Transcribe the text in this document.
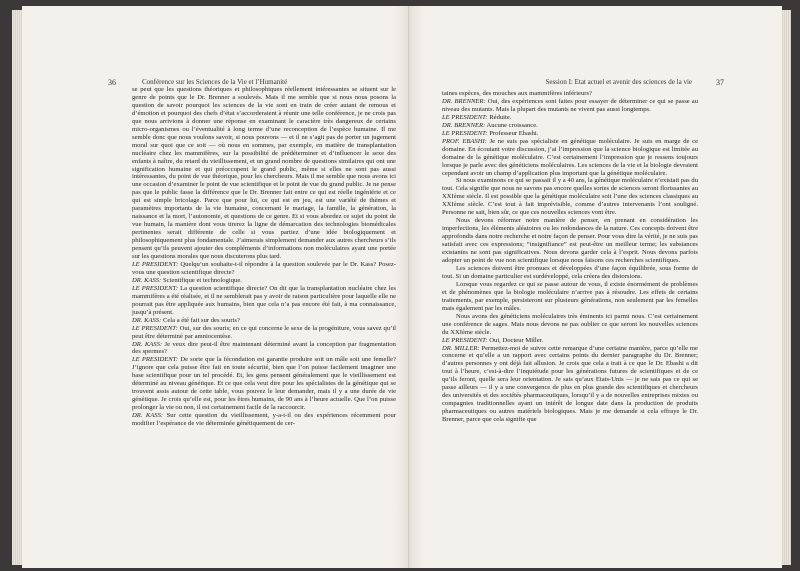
36	Conférence sur les Sciences de la Vie et l’Humanité

se peut que les questions théoriques et philosophiques réellement intéressantes se situent sur le genre de points que le Dr. Brenner a soulevés. Mais il me semble que si nous nous posons la question de savoir pourquoi les sciences de la vie sont en train de créer autant de remous et d’émotion et pourquoi des chefs d’état s’accorderaient à réunir une telle conférence, je ne crois pas que nous arrivions à donner une réponse en examinant le caractère très dangereux de certains micro-organismes ou l’éventualité à long terme d’une reconception de l’espèce humaine. Il me semble donc que nous voulons savoir, si nous pouvons — et il ne s’agit pas de porter un jugement moral sur quoi que ce soit — où nous en sommes, par exemple, en matière de transplantation nucléaire chez les mammifères, sur la possibilité de prédéterminer et d’influencer le sexe des enfants à naître, du retard du vieillissement, et un grand nombre de questions similaires qui ont une signification humaine et qui préoccupent le grand public, même si elles ne sont pas aussi intéressantes, du point de vue théorique, pour les chercheurs. Mais il me semble que nous avons ici une occasion d’examiner le point de vue scientifique et le point de vue du grand public. Je ne pense pas que le public fasse la différence que le Dr. Brenner fait entre ce qui est réelle ingéniérie et ce qui est simple bricolage. Parce que pour lui, ce qui est en jeu, est une variété de thèmes et paramètres importants de la vie humaine, concernant le mariage, la famille, la génération, la naissance et la mort, l’autonomie, et questions de ce genre. Et si vous abordez ce sujet du point de vue humain, la manière dont vous tirerez la ligne de démarcation des technologies biomédicales pertinentes serait différente de celle si vous partiez d’une idée biologiquement et philosophiquement plus fondamentale. J’aimerais simplement demander aux autres chercheurs s’ils pensent qu’ils peuvent ajouter des compléments d’informations non moléculaires ayant une portée sur les questions morales que nous discuterons plus tard.

LE PRESIDENT: Quelqu’un souhaite-t-il répondre à la question soulevée par le Dr. Kass? Posez-vous une question scientifique directe?

DR. KASS: Scientifique et technologique.

LE PRESIDENT: La question scientifique directe? On dit que la transplantation nucléaire chez les mammifères a été réalisée, et il ne semblerait pas y avoir de raison particulière pour laquelle elle ne pourrait pas être appliquée aux humains, bien que cela n’a pas encore été fait, à ma connaissance, jusqu’à présent.

DR. KASS: Cela a été fait sur des souris?

LE PRESIDENT: Oui, sur des souris; en ce qui concerne le sexe de la progéniture, vous savez qu’il peut être déterminé par amniocentèse.

DR. KASS: Je veux dire peut-il être maintenant déterminé avant la conception par fragmentation des spermes?

LE PRESIDENT: De sorte que la fécondation est garantie produire soit un mâle soit une femelle? J’ignore que cela puisse être fait en toute sécurité, bien que l’on puisse facilement imaginer une base scientifique pour un tel procédé. Et, les gens pensent généralement que le vieillissement est déterminé au niveau génétique. Et ce que cela veut dire pour les spécialistes de la génétique qui se trouvent assis autour de cette table, vous pouvez le leur demander, mais il y a une durée de vie génétique. Je crois qu’elle est, pour les êtres humains, de 90 ans à l’heure actuelle. Que l’on puisse prolonger la vie ou non, il est certainement facile de la raccourcir.

DR. KASS: Sur cette question du vieillissement, y-a-t-il ou des expériences récemment pour modifier l’espérance de vie déterminée génétiquement de cer-

Session I: Etat actuel et avenir des sciences de la vie	37

taines espèces, des mouches aux mammifères inférieurs?

DR. BRENNER: Oui, des expériences sont faites pour essayer de déterminer ce qui se passe au niveau des mutants. Mais la plupart des mutants ne vivent pas aussi longtemps.

LE PRESIDENT: Réduite.

DR. BRENNER: Aucune croissance.

LE PRESIDENT: Professeur Ebashi.

PROF. EBASHI: Je ne suis pas spécialiste en génétique moléculaire. Je suis en marge de ce domaine. En écoutant votre discussion, j’ai l’impression que la science biologique est limitée au domaine de la génétique moléculaire. C’est certainement l’impression que je ressens toujours lorsque je parle avec des généticiens moléculaires. Les sciences de la vie et la biologie devraient cependant avoir un champ d’application plus important que la génétique moléculaire.

Si nous examinons ce qui se passait il y a 40 ans, la génétique moléculaire n’existait pas du tout. Cela signifie que nous ne savons pas encore quelles sortes de sciences seront florissantes au XXIème siècle. Il est possible que la génétique moléculaire soit l’une des sciences classiques au XXIème siècle. C’est tout à fait imprévisible, comme d’autres intervenants l’ont souligné. Personne ne sait, bien sûr, ce que ces nouvelles sciences vont être.

Nous devons réformer notre manière de penser, en prenant en considération les imperfections, les éléments aléatoires ou les redondances de la nature. Ces concepts doivent être approfondis dans notre recherche et notre façon de penser. Pour vous dire la vérité, je ne suis pas satisfait avec ces expressions; “insignifiance” est peut-être un meilleur terme; les substances existantes ne sont pas significatives. Nous devons garder cela à l’esprit. Nous devons parfois adopter un point de vue non scientifique lorsque nous faisons ces recherches scientifiques.

Les sciences doivent être promues et développées d’une façon équilibrée, sous forme de tout. Si un domaine particulier est surdéveloppé, cela créera des distorsions.

Lorsque vous regardez ce qui se passe autour de vous, il existe énormément de problèmes et de phénomènes que la biologie moléculaire n’arrive pas à résoudre. Les effets de certains traitements, par exemple, persisteront sur plusieurs générations, non seulement par les femelles mais également par les mâles.

Nous avons des généticiens moléculaires très éminents ici parmi nous. C’est certainement une conférence de sages. Mais nous devons ne pas oublier ce que seront les nouvelles sciences du XXIème siècle.

LE PRESIDENT: Oui, Docteur Miller.

DR. MILLER: Permettez-moi de suivre cette remarque d’une certaine manière, parce qu’elle me concerne et qu’elle a un rapport avec certains points du dernier paragraphe du Dr. Brenner; d’autres personnes y ont déjà fait allusion. Je crois que cela a trait à ce que le Dr. Ebashi a dit tout à l’heure, c’est-à-dire l’inquiétude pour les générations futures de scientifiques et de ce qu’ils feront, quelle sera leur orientation. Je sais qu’aux Etats-Unis — je ne sais pas ce qui se passe ailleurs — il y a une convergence de plus en plus grande des scientifiques et chercheurs des universités et des sociétés pharmaceutiques, lorsqu’il y a de nouvelles entreprises mixtes ou compagnies traditionnelles ayant un intérêt de longue date dans la production de produits pharmaceutiques ou autres matériels biologiques. Mais je me demande si cela effraye le Dr. Brenner, parce que cela signifie que
